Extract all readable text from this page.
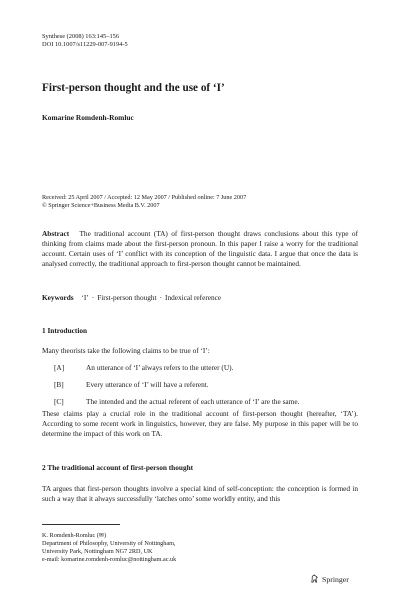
Synthese (2008) 163:145–156
DOI 10.1007/s11229-007-9194-5
First-person thought and the use of ‘I’
Komarine Romdenh-Romluc
Received: 25 April 2007 / Accepted: 12 May 2007 / Published online: 7 June 2007
© Springer Science+Business Media B.V. 2007
Abstract The traditional account (TA) of first-person thought draws conclusions about this type of thinking from claims made about the first-person pronoun. In this paper I raise a worry for the traditional account. Certain uses of ‘I’ conflict with its conception of the linguistic data. I argue that once the data is analysed correctly, the traditional approach to first-person thought cannot be maintained.
Keywords ‘I’ · First-person thought · Indexical reference
1 Introduction
Many theorists take the following claims to be true of ‘I’:
[A]	An utterance of ‘I’ always refers to the utterer (U).
[B]	Every utterance of ‘I’ will have a referent.
[C]	The intended and the actual referent of each utterance of ‘I’ are the same.
These claims play a crucial role in the traditional account of first-person thought (hereafter, ‘TA’). According to some recent work in linguistics, however, they are false. My purpose in this paper will be to determine the impact of this work on TA.
2 The traditional account of first-person thought
TA argues that first-person thoughts involve a special kind of self-conception: the conception is formed in such a way that it always successfully ‘latches onto’ some worldly entity, and this
K. Romdenh-Romluc (✉)
Department of Philosophy, University of Nottingham,
University Park, Nottingham NG7 2RD, UK
e-mail: komarine.romdenh-romluc@nottingham.ac.uk
Springer
